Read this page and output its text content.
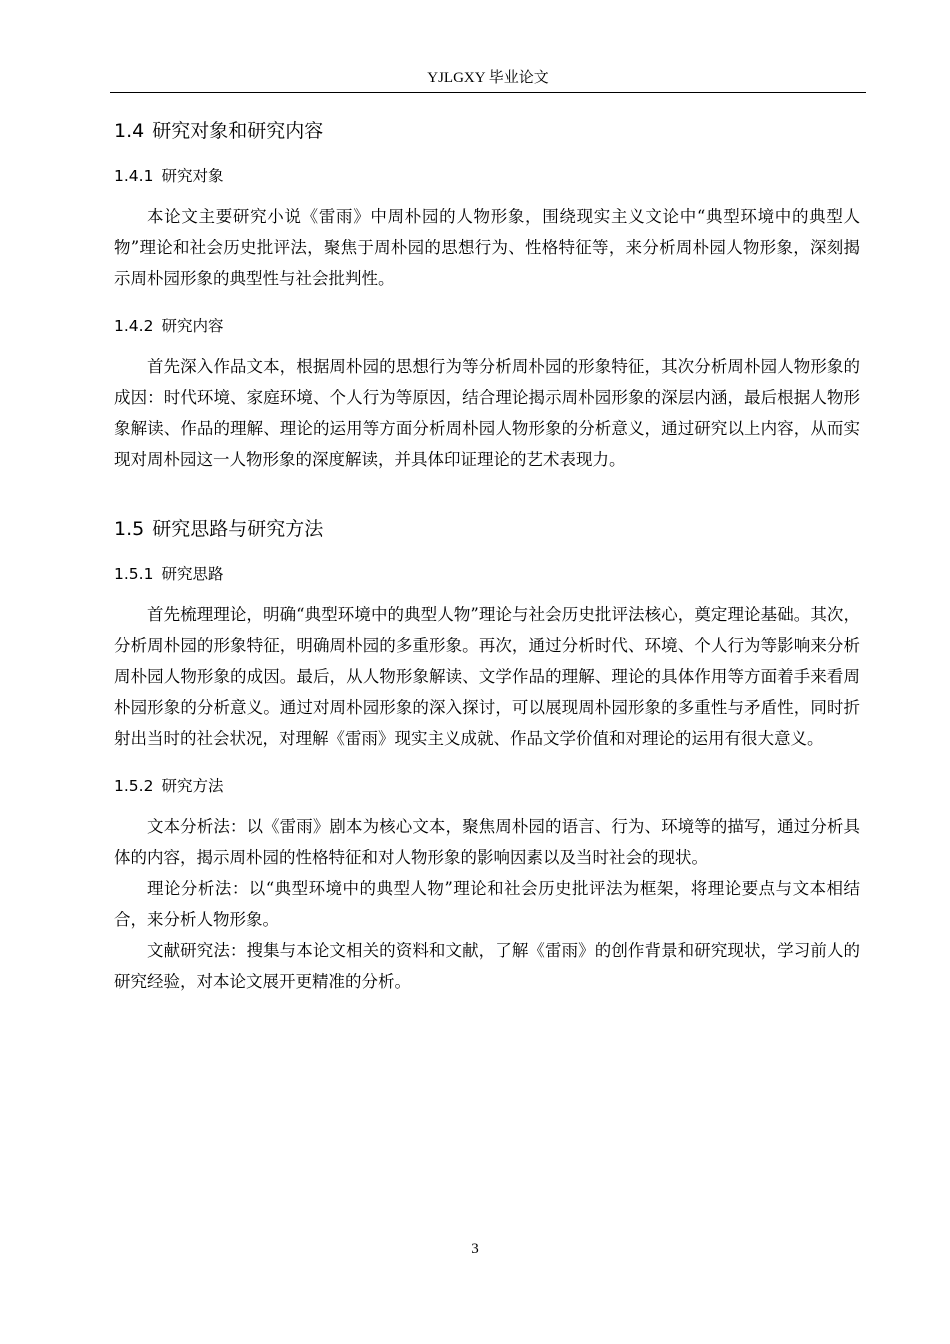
YJLGXY 毕业论文
1.4 研究对象和研究内容
1.4.1 研究对象

本论文主要研究小说《雷雨》中周朴园的人物形象，围绕现实主义文论中“典型环境中的典型人物”理论和社会历史批评法，聚焦于周朴园的思想行为、性格特征等，来分析周朴园人物形象，深刻揭示周朴园形象的典型性与社会批判性。

1.4.2 研究内容

首先深入作品文本，根据周朴园的思想行为等分析周朴园的形象特征，其次分析周朴园人物形象的成因：时代环境、家庭环境、个人行为等原因，结合理论揭示周朴园形象的深层内涵，最后根据人物形象解读、作品的理解、理论的运用等方面分析周朴园人物形象的分析意义，通过研究以上内容，从而实现对周朴园这一人物形象的深度解读，并具体印证理论的艺术表现力。

1.5 研究思路与研究方法
1.5.1 研究思路

首先梳理理论，明确“典型环境中的典型人物”理论与社会历史批评法核心，奠定理论基础。其次，分析周朴园的形象特征，明确周朴园的多重形象。再次，通过分析时代、环境、个人行为等影响来分析周朴园人物形象的成因。最后，从人物形象解读、文学作品的理解、理论的具体作用等方面着手来看周朴园形象的分析意义。通过对周朴园形象的深入探讨，可以展现周朴园形象的多重性与矛盾性，同时折射出当时的社会状况，对理解《雷雨》现实主义成就、作品文学价值和对理论的运用有很大意义。

1.5.2 研究方法

文本分析法：以《雷雨》剧本为核心文本，聚焦周朴园的语言、行为、环境等的描写，通过分析具体的内容，揭示周朴园的性格特征和对人物形象的影响因素以及当时社会的现状。

理论分析法：以“典型环境中的典型人物”理论和社会历史批评法为框架，将理论要点与文本相结合，来分析人物形象。

文献研究法：搜集与本论文相关的资料和文献，了解《雷雨》的创作背景和研究现状，学习前人的研究经验，对本论文展开更精准的分析。

3
